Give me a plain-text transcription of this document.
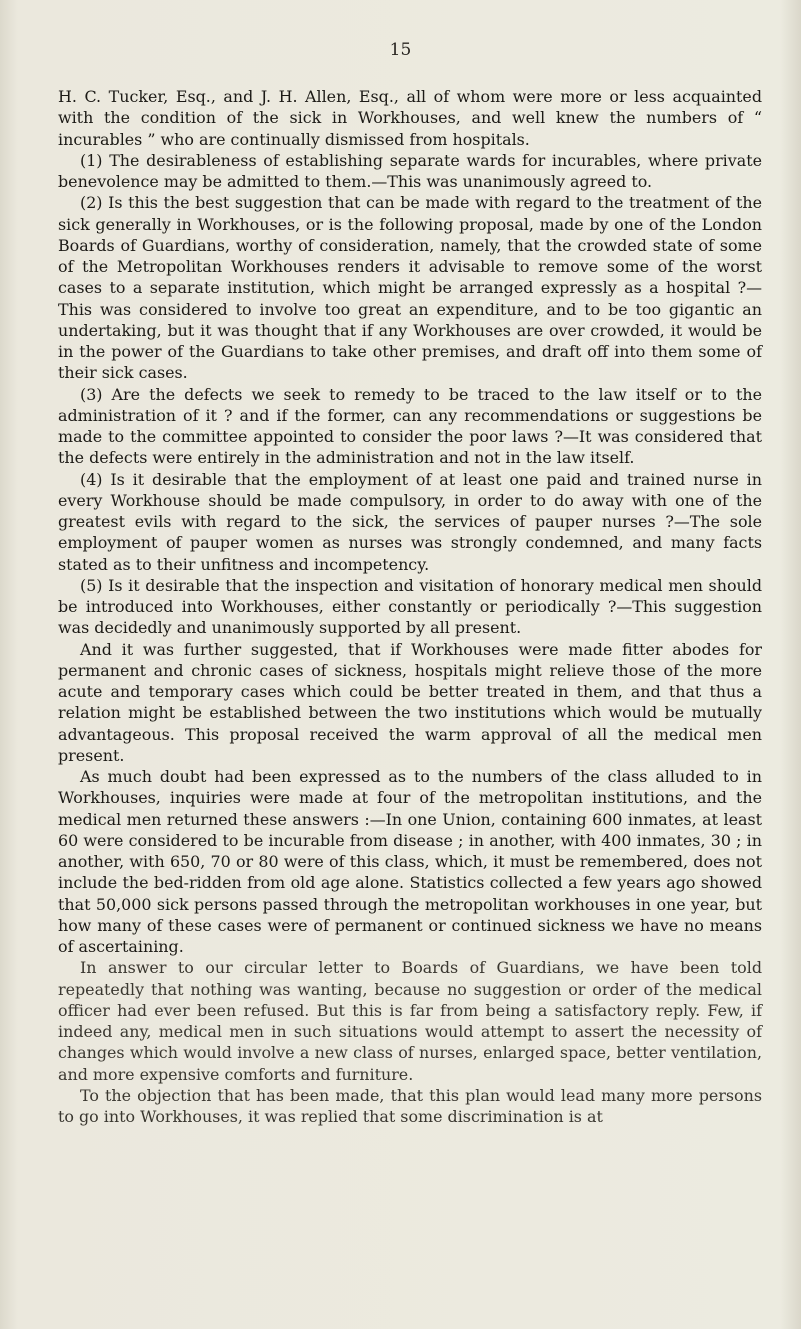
15

H. C. Tucker, Esq., and J. H. Allen, Esq., all of whom were more or less acquainted with the condition of the sick in Workhouses, and well knew the numbers of “ incurables ” who are continually dismissed from hospitals.

(1) The desirableness of establishing separate wards for incurables, where private benevolence may be admitted to them.—This was unanimously agreed to.

(2) Is this the best suggestion that can be made with regard to the treatment of the sick generally in Workhouses, or is the following proposal, made by one of the London Boards of Guardians, worthy of consideration, namely, that the crowded state of some of the Metropolitan Workhouses renders it advisable to remove some of the worst cases to a separate institution, which might be arranged expressly as a hospital ?—This was considered to involve too great an expenditure, and to be too gigantic an undertaking, but it was thought that if any Workhouses are over crowded, it would be in the power of the Guardians to take other premises, and draft off into them some of their sick cases.

(3) Are the defects we seek to remedy to be traced to the law itself or to the administration of it ? and if the former, can any recommendations or suggestions be made to the committee appointed to consider the poor laws ?—It was considered that the defects were entirely in the administration and not in the law itself.

(4) Is it desirable that the employment of at least one paid and trained nurse in every Workhouse should be made compulsory, in order to do away with one of the greatest evils with regard to the sick, the services of pauper nurses ?—The sole employment of pauper women as nurses was strongly condemned, and many facts stated as to their unfitness and incompetency.

(5) Is it desirable that the inspection and visitation of honorary medical men should be introduced into Workhouses, either constantly or periodically ?—This suggestion was decidedly and unanimously supported by all present.

And it was further suggested, that if Workhouses were made fitter abodes for permanent and chronic cases of sickness, hospitals might relieve those of the more acute and temporary cases which could be better treated in them, and that thus a relation might be established between the two institutions which would be mutually advantageous. This proposal received the warm approval of all the medical men present.

As much doubt had been expressed as to the numbers of the class alluded to in Workhouses, inquiries were made at four of the metropolitan institutions, and the medical men returned these answers :—In one Union, containing 600 inmates, at least 60 were considered to be incurable from disease ; in another, with 400 inmates, 30 ; in another, with 650, 70 or 80 were of this class, which, it must be remembered, does not include the bed-ridden from old age alone. Statistics collected a few years ago showed that 50,000 sick persons passed through the metropolitan workhouses in one year, but how many of these cases were of permanent or continued sickness we have no means of ascertaining.

In answer to our circular letter to Boards of Guardians, we have been told repeatedly that nothing was wanting, because no suggestion or order of the medical officer had ever been refused. But this is far from being a satisfactory reply. Few, if indeed any, medical men in such situations would attempt to assert the necessity of changes which would involve a new class of nurses, enlarged space, better ventilation, and more expensive comforts and furniture.

To the objection that has been made, that this plan would lead many more persons to go into Workhouses, it was replied that some discrimination is at
